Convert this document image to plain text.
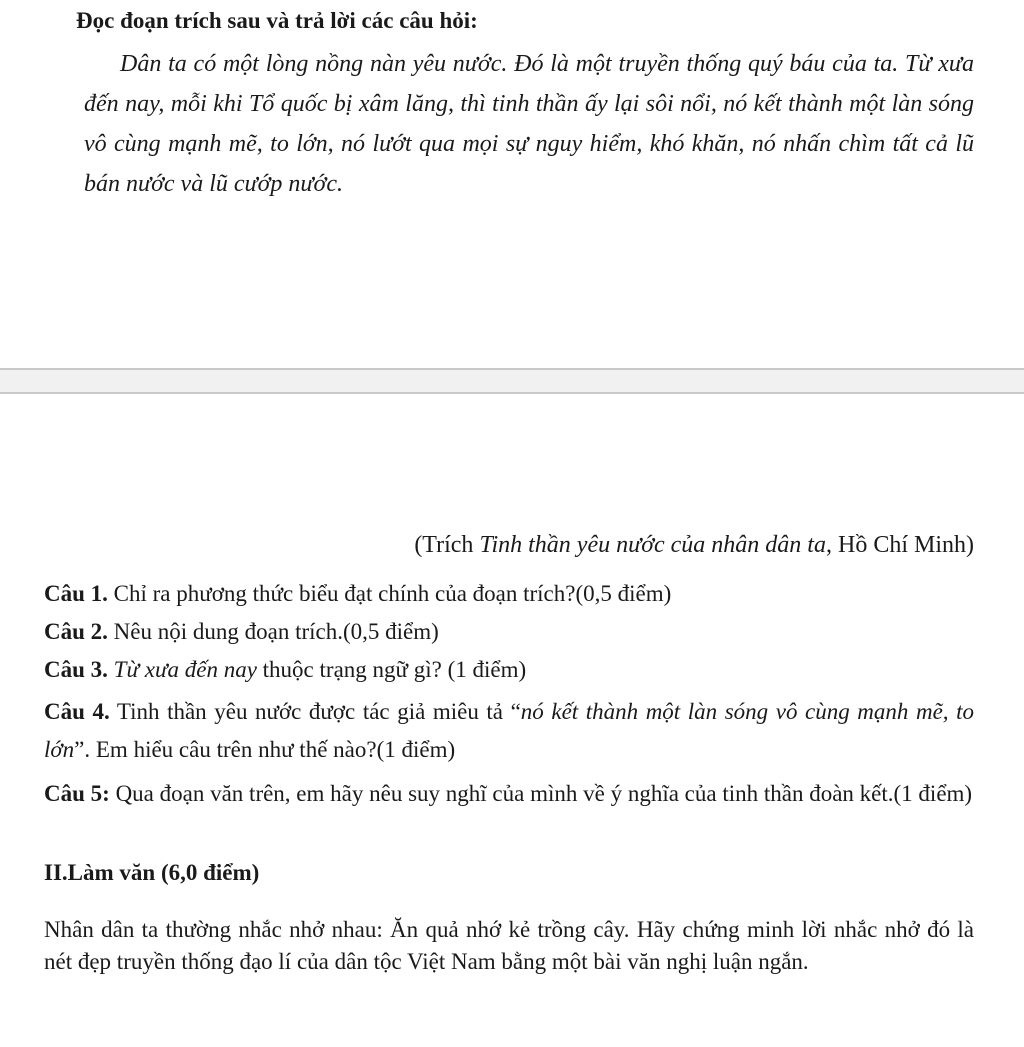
Đọc đoạn trích sau và trả lời các câu hỏi:

Dân ta có một lòng nồng nàn yêu nước. Đó là một truyền thống quý báu của ta. Từ xưa đến nay, mỗi khi Tổ quốc bị xâm lăng, thì tinh thần ấy lại sôi nổi, nó kết thành một làn sóng vô cùng mạnh mẽ, to lớn, nó lướt qua mọi sự nguy hiểm, khó khăn, nó nhấn chìm tất cả lũ bán nước và lũ cướp nước.

(Trích Tinh thần yêu nước của nhân dân ta, Hồ Chí Minh)

Câu 1. Chỉ ra phương thức biểu đạt chính của đoạn trích?(0,5 điểm)

Câu 2. Nêu nội dung đoạn trích.(0,5 điểm)

Câu 3. Từ xưa đến nay thuộc trạng ngữ gì? (1 điểm)

Câu 4. Tinh thần yêu nước được tác giả miêu tả “nó kết thành một làn sóng vô cùng mạnh mẽ, to lớn”. Em hiểu câu trên như thế nào?(1 điểm)

Câu 5: Qua đoạn văn trên, em hãy nêu suy nghĩ của mình về ý nghĩa của tinh thần đoàn kết.(1 điểm)

II.Làm văn (6,0 điểm)

Nhân dân ta thường nhắc nhở nhau: Ăn quả nhớ kẻ trồng cây. Hãy chứng minh lời nhắc nhở đó là nét đẹp truyền thống đạo lí của dân tộc Việt Nam bằng một bài văn nghị luận ngắn.
